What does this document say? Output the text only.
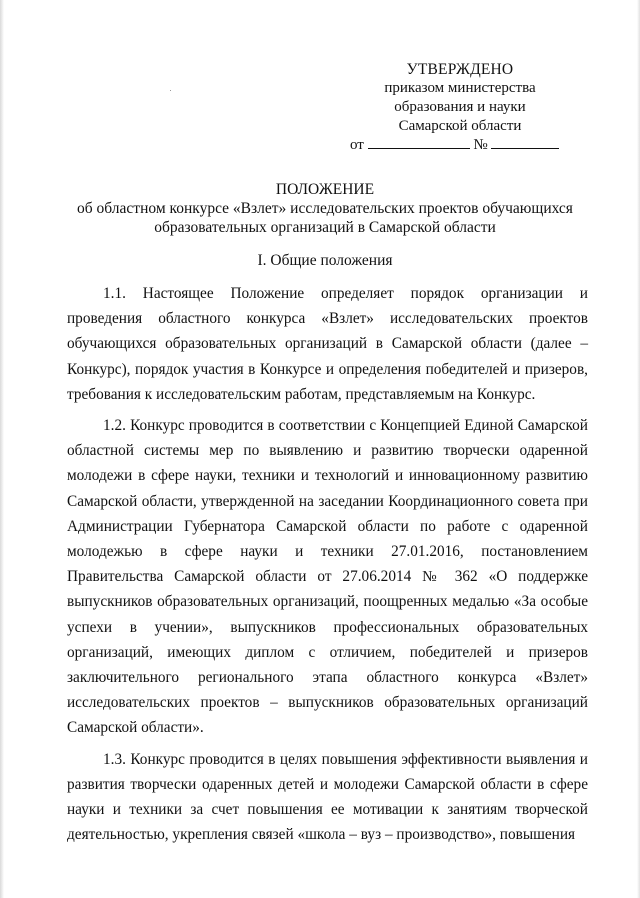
УТВЕРЖДЕНО
приказом министерства
образования и науки
Самарской области
от	№
ПОЛОЖЕНИЕ
об областном конкурсе «Взлет» исследовательских проектов обучающихся
образовательных организаций в Самарской области
I. Общие положения

1.1. Настоящее Положение определяет порядок организации и проведения областного конкурса «Взлет» исследовательских проектов обучающихся образовательных организаций в Самарской области (далее – Конкурс), порядок участия в Конкурсе и определения победителей и призеров, требования к исследовательским работам, представляемым на Конкурс.

1.2. Конкурс проводится в соответствии с Концепцией Единой Самарской областной системы мер по выявлению и развитию творчески одаренной молодежи в сфере науки, техники и технологий и инновационному развитию Самарской области, утвержденной на заседании Координационного совета при Администрации Губернатора Самарской области по работе с одаренной молодежью в сфере науки и техники 27.01.2016, постановлением Правительства Самарской области от 27.06.2014 № 362 «О поддержке выпускников образовательных организаций, поощренных медалью «За особые успехи в учении», выпускников профессиональных образовательных организаций, имеющих диплом с отличием, победителей и призеров заключительного регионального этапа областного конкурса «Взлет» исследовательских проектов – выпускников образовательных организаций Самарской области».

1.3. Конкурс проводится в целях повышения эффективности выявления и развития творчески одаренных детей и молодежи Самарской области в сфере науки и техники за счет повышения ее мотивации к занятиям творческой деятельностью, укрепления связей «школа – вуз – производство», повышения
